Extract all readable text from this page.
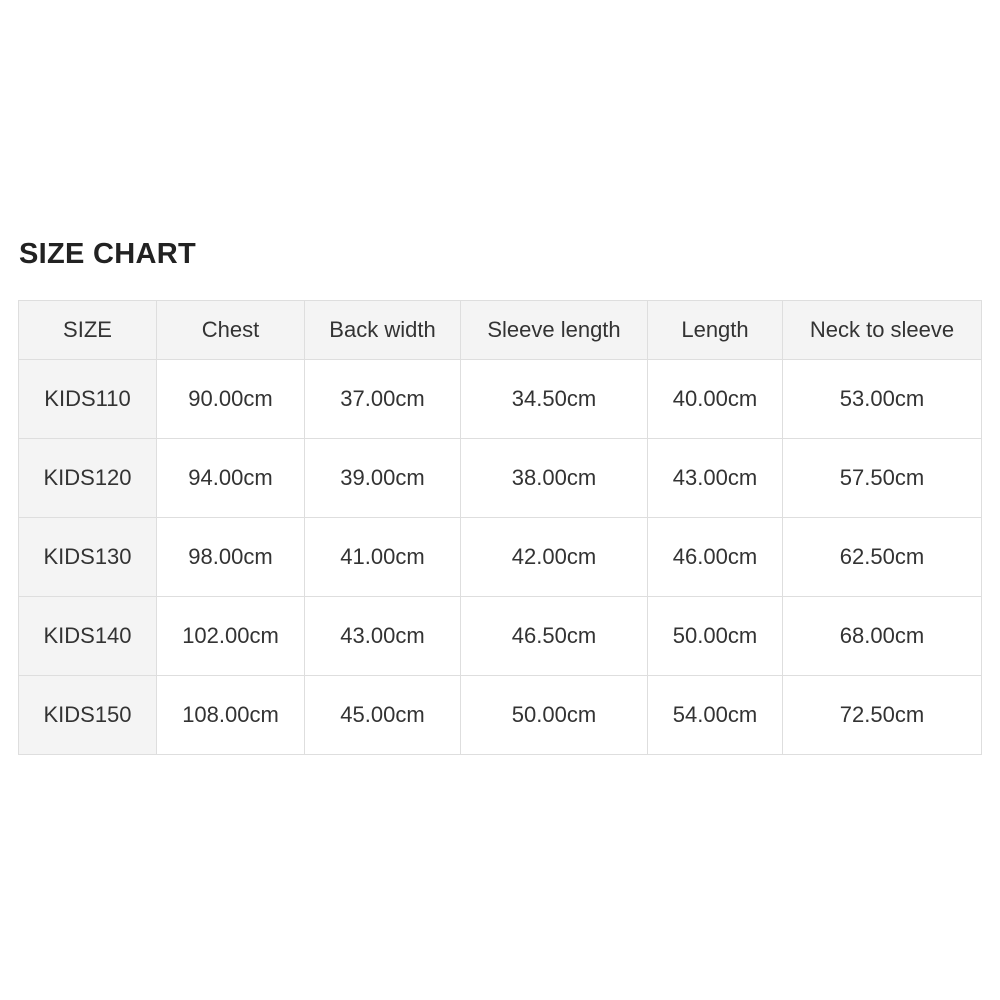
SIZE CHART
SIZE	Chest	Back width	Sleeve length	Length	Neck to sleeve
KIDS110	90.00cm	37.00cm	34.50cm	40.00cm	53.00cm
KIDS120	94.00cm	39.00cm	38.00cm	43.00cm	57.50cm
KIDS130	98.00cm	41.00cm	42.00cm	46.00cm	62.50cm
KIDS140	102.00cm	43.00cm	46.50cm	50.00cm	68.00cm
KIDS150	108.00cm	45.00cm	50.00cm	54.00cm	72.50cm
